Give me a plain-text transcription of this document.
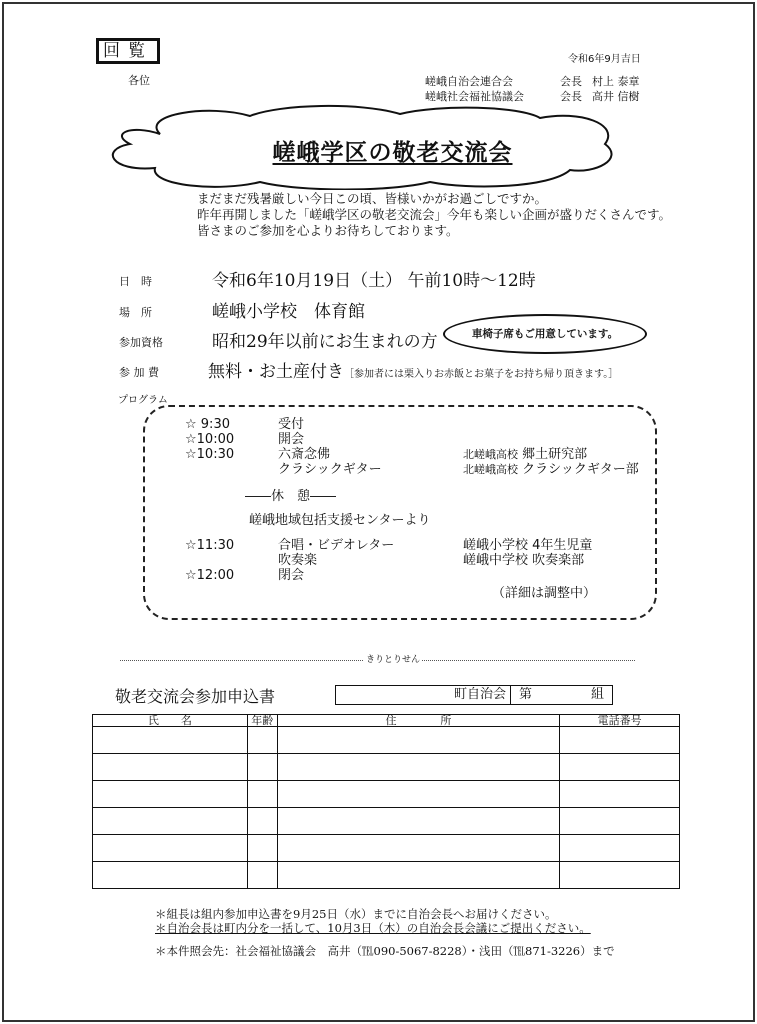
回覧	令和6年9月吉日
各位	嵯峨自治会連合会	会長 村上 泰章
嵯峨社会福祉協議会	会長 高井 信樹
嵯峨学区の敬老交流会
まだまだ残暑厳しい今日この頃、皆様いかがお過ごしですか。
昨年再開しました「嵯峨学区の敬老交流会」今年も楽しい企画が盛りだくさんです。
皆さまのご参加を心よりお待ちしております。
日　時	令和6年10月19日（土） 午前10時～12時
場　所	嵯峨小学校　体育館
参加資格	昭和29年以前にお生まれの方	車椅子席もご用意しています。
参 加 費	無料・お土産付き［参加者には栗入りお赤飯とお菓子をお持ち帰り頂きます。］
プログラム
☆ 9:30	受付
☆10:00	開会
☆10:30	六斎念佛	北嵯峨高校 郷土研究部
クラシックギター	北嵯峨高校 クラシックギター部
――休　憩――
嵯峨地域包括支援センターより
☆11:30	合唱・ビデオレター	嵯峨小学校 4年生児童
吹奏楽	嵯峨中学校 吹奏楽部
☆12:00	閉会
（詳細は調整中）
きりとりせん
敬老交流会参加申込書	町自治会	第	組
氏　　名	年齢	住　　　　所	電話番号

＊組長は組内参加申込書を9月25日（水）までに自治会長へお届けください。
＊自治会長は町内分を一括して、10月3日（木）の自治会長会議にご提出ください。
＊本件照会先：社会福祉協議会　高井（℡090-5067-8228）・浅田（℡871-3226）まで
